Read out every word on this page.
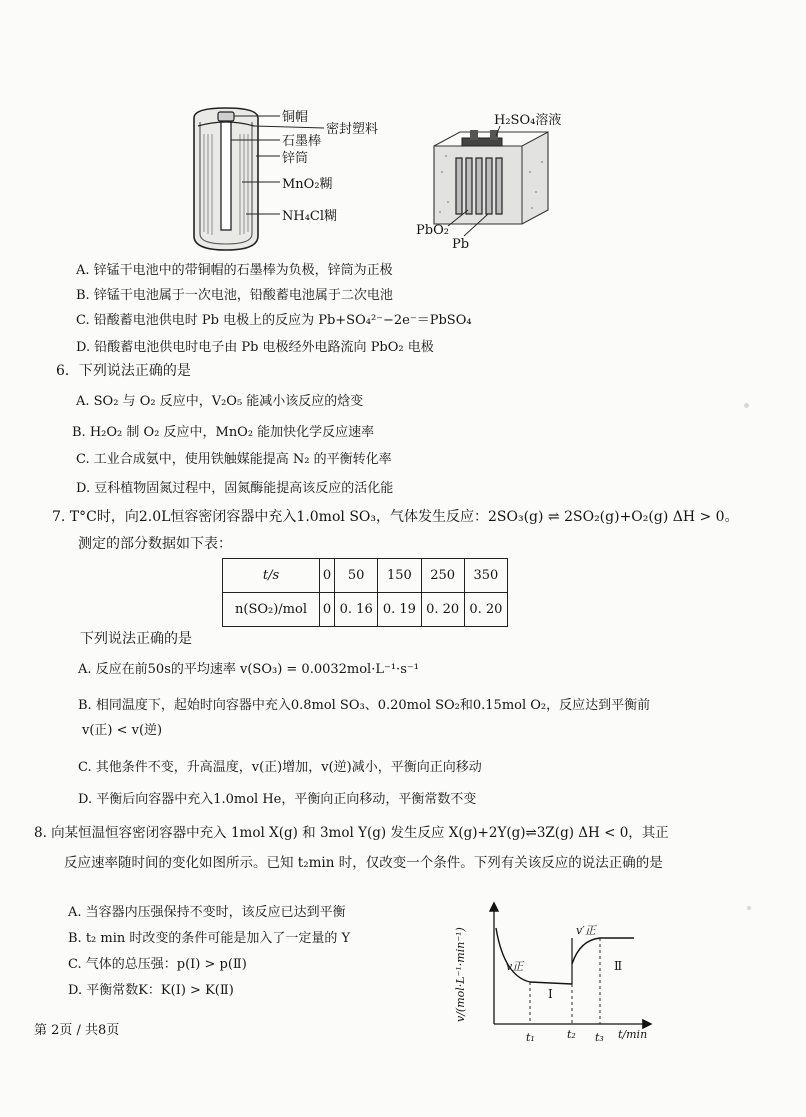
铜帽
密封塑料
石墨棒
锌筒
MnO₂糊
NH₄Cl糊
H₂SO₄溶液
PbO₂
Pb
A. 锌锰干电池中的带铜帽的石墨棒为负极，锌筒为正极
B. 锌锰干电池属于一次电池，铅酸蓄电池属于二次电池
C. 铅酸蓄电池供电时 Pb 电极上的反应为 Pb+SO₄²⁻−2e⁻＝PbSO₄
D. 铅酸蓄电池供电时电子由 Pb 电极经外电路流向 PbO₂ 电极
6．下列说法正确的是
A. SO₂ 与 O₂ 反应中，V₂O₅ 能减小该反应的焓变
B. H₂O₂ 制 O₂ 反应中，MnO₂ 能加快化学反应速率
C. 工业合成氨中，使用铁触媒能提高 N₂ 的平衡转化率
D. 豆科植物固氮过程中，固氮酶能提高该反应的活化能
7. T°C时，向2.0L恒容密闭容器中充入1.0mol SO₃，气体发生反应：2SO₃(g) ⇌ 2SO₂(g)+O₂(g) ΔH > 0。
测定的部分数据如下表：
t/s	0	50	150	250	350
n(SO₂)/mol	0	0. 16	0. 19	0. 20	0. 20
下列说法正确的是
A. 反应在前50s的平均速率 v(SO₃) = 0.0032mol·L⁻¹·s⁻¹
B. 相同温度下，起始时向容器中充入0.8mol SO₃、0.20mol SO₂和0.15mol O₂，反应达到平衡前
v(正) < v(逆)
C. 其他条件不变，升高温度，v(正)增加，v(逆)减小，平衡向正向移动
D. 平衡后向容器中充入1.0mol He，平衡向正向移动，平衡常数不变
8. 向某恒温恒容密闭容器中充入 1mol X(g) 和 3mol Y(g) 发生反应 X(g)+2Y(g)⇌3Z(g) ΔH < 0，其正
反应速率随时间的变化如图所示。已知 t₂min 时，仅改变一个条件。下列有关该反应的说法正确的是
A. 当容器内压强保持不变时，该反应已达到平衡
B. t₂ min 时改变的条件可能是加入了一定量的 Y
C. 气体的总压强：p(Ⅰ) > p(Ⅱ)
D. 平衡常数K：K(Ⅰ) > K(Ⅱ)	v/(mol·L⁻¹·min⁻¹)
t/min
t₁	t₂ t₃
v正
v′正
Ⅰ
Ⅱ
第 2页 / 共8页
